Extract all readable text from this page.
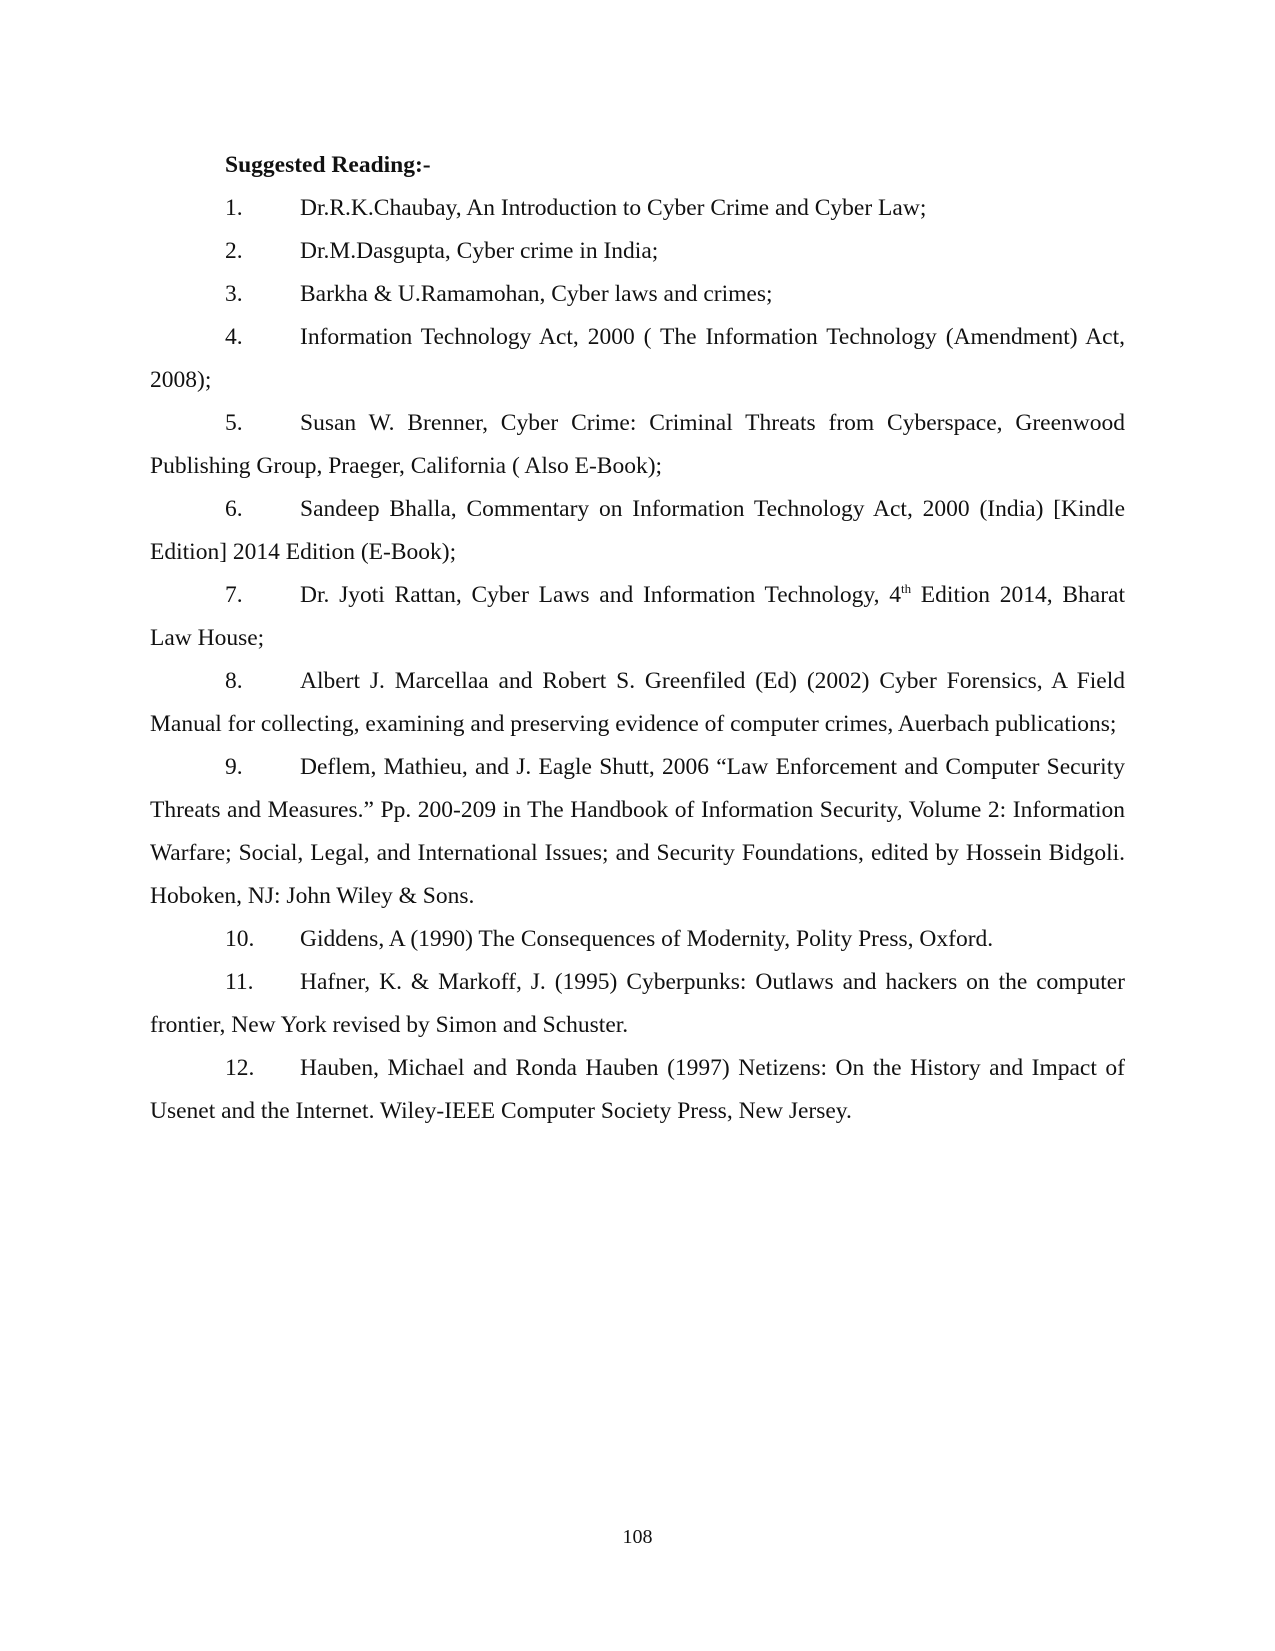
Suggested Reading:-

1. Dr.R.K.Chaubay, An Introduction to Cyber Crime and Cyber Law;
2. Dr.M.Dasgupta, Cyber crime in India;
3. Barkha & U.Ramamohan, Cyber laws and crimes;
4. Information Technology Act, 2000 ( The Information Technology (Amendment) Act, 2008);
5. Susan W. Brenner, Cyber Crime: Criminal Threats from Cyberspace, Greenwood Publishing Group, Praeger, California ( Also E-Book);
6. Sandeep Bhalla, Commentary on Information Technology Act, 2000 (India) [Kindle Edition] 2014 Edition (E-Book);
7. Dr. Jyoti Rattan, Cyber Laws and Information Technology, 4th Edition 2014, Bharat Law House;
8. Albert J. Marcellaa and Robert S. Greenfiled (Ed) (2002) Cyber Forensics, A Field Manual for collecting, examining and preserving evidence of computer crimes, Auerbach publications;
9. Deflem, Mathieu, and J. Eagle Shutt, 2006 “Law Enforcement and Computer Security Threats and Measures.” Pp. 200-209 in The Handbook of Information Security, Volume 2: Information Warfare; Social, Legal, and International Issues; and Security Foundations, edited by Hossein Bidgoli. Hoboken, NJ: John Wiley & Sons.
10. Giddens, A (1990) The Consequences of Modernity, Polity Press, Oxford.
11. Hafner, K. & Markoff, J. (1995) Cyberpunks: Outlaws and hackers on the computer frontier, New York revised by Simon and Schuster.
12. Hauben, Michael and Ronda Hauben (1997) Netizens: On the History and Impact of Usenet and the Internet. Wiley-IEEE Computer Society Press, New Jersey.
108
